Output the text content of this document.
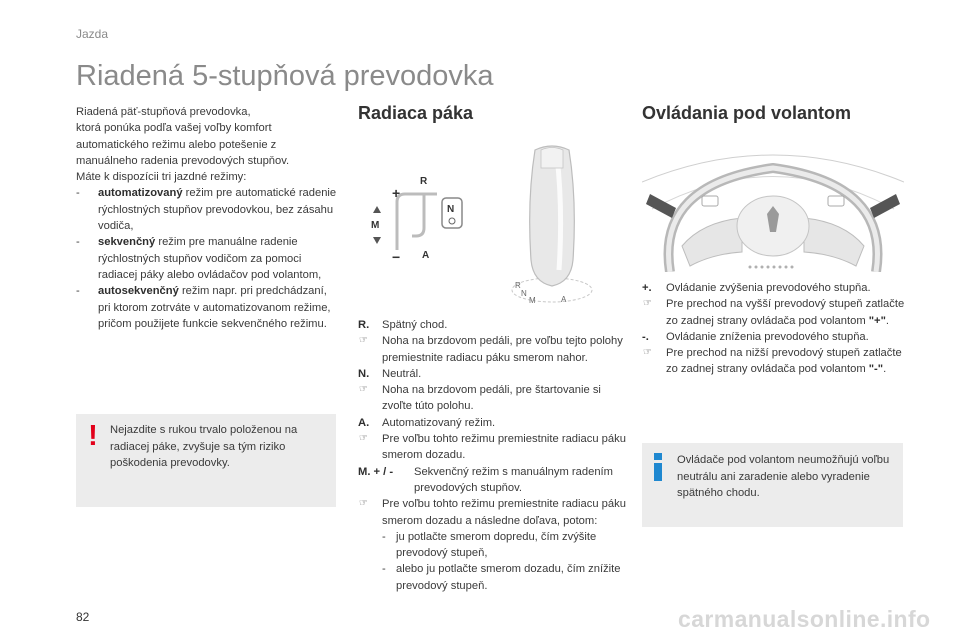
Jazda
Riadená 5-stupňová prevodovka

Riadená päť-stupňová prevodovka,

ktorá ponúka podľa vašej voľby komfort

automatického režimu alebo potešenie z

manuálneho radenia prevodových stupňov.

Máte k dispozícii tri jazdné režimy:

- automatizovaný režim pre automatické radenie rýchlostných stupňov prevodovkou, bez zásahu vodiča,
- sekvenčný režim pre manuálne radenie rýchlostných stupňov vodičom za pomoci radiacej páky alebo ovládačov pod volantom,
- autosekvenčný režim napr. pri predchádzaní, pri ktorom zotrváte v automatizovanom režime, pričom použijete funkcie sekvenčného režimu.
! Nejazdite s rukou trvalo položenou na radiacej páke, zvyšuje sa tým riziko poškodenia prevodovky.
Radiaca páka
+
−
R
M
A
N
R
N
M	A
R. Spätný chod.
☞ Noha na brzdovom pedáli, pre voľbu tejto polohy premiestnite radiacu páku smerom nahor.
N. Neutrál.
☞ Noha na brzdovom pedáli, pre štartovanie si zvoľte túto polohu.
A. Automatizovaný režim.
☞ Pre voľbu tohto režimu premiestnite radiacu páku smerom dozadu.
M. + / - Sekvenčný režim s manuálnym radením prevodových stupňov.
☞ Pre voľbu tohto režimu premiestnite radiacu páku smerom dozadu a následne doľava, potom:
- ju potlačte smerom dopredu, čím zvýšite prevodový stupeň,
- alebo ju potlačte smerom dozadu, čím znížite prevodový stupeň.
Ovládania pod volantom
+. Ovládanie zvýšenia prevodového stupňa.
☞ Pre prechod na vyšší prevodový stupeň zatlačte zo zadnej strany ovládača pod volantom "+".
-. Ovládanie zníženia prevodového stupňa.
☞ Pre prechod na nižší prevodový stupeň zatlačte zo zadnej strany ovládača pod volantom "-".
Ovládače pod volantom neumožňujú voľbu neutrálu ani zaradenie alebo vyradenie spätného chodu.
82	carmanualsonline.info
